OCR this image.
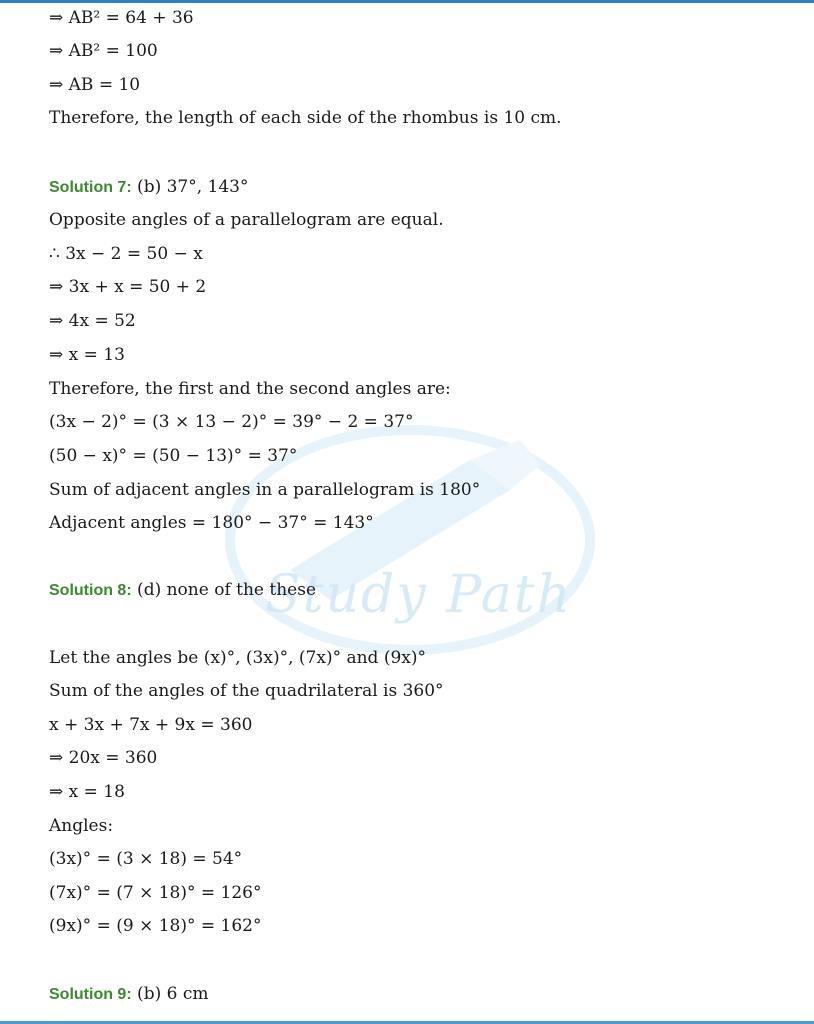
Study Path
⇒ AB² = 64 + 36
⇒ AB² = 100
⇒ AB = 10
Therefore, the length of each side of the rhombus is 10 cm.
Solution 7: (b) 37°, 143°
Opposite angles of a parallelogram are equal.
∴ 3x − 2 = 50 − x
⇒ 3x + x = 50 + 2
⇒ 4x = 52
⇒ x = 13
Therefore, the first and the second angles are:
(3x − 2)° = (3 × 13 − 2)° = 39° − 2 = 37°
(50 − x)° = (50 − 13)° = 37°
Sum of adjacent angles in a parallelogram is 180°
Adjacent angles = 180° − 37° = 143°
Solution 8: (d) none of the these
Let the angles be (x)°, (3x)°, (7x)° and (9x)°
Sum of the angles of the quadrilateral is 360°
x + 3x + 7x + 9x = 360
⇒ 20x = 360
⇒ x = 18
Angles:
(3x)° = (3 × 18) = 54°
(7x)° = (7 × 18)° = 126°
(9x)° = (9 × 18)° = 162°
Solution 9: (b) 6 cm
